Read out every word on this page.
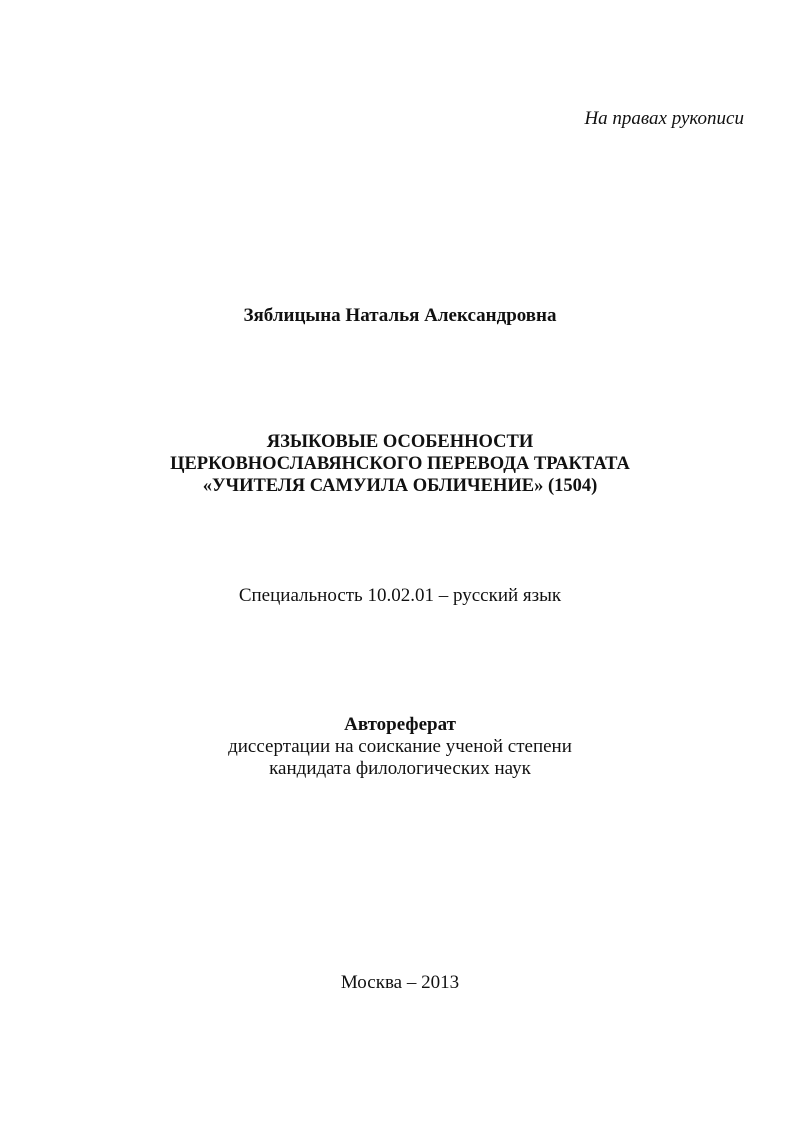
На правах рукописи
Зяблицына Наталья Александровна
ЯЗЫКОВЫЕ ОСОБЕННОСТИ
ЦЕРКОВНОСЛАВЯНСКОГО ПЕРЕВОДА ТРАКТАТА
«УЧИТЕЛЯ САМУИЛА ОБЛИЧЕНИЕ» (1504)
Специальность 10.02.01 – русский язык
Автореферат
диссертации на соискание ученой степени
кандидата филологических наук
Москва – 2013
